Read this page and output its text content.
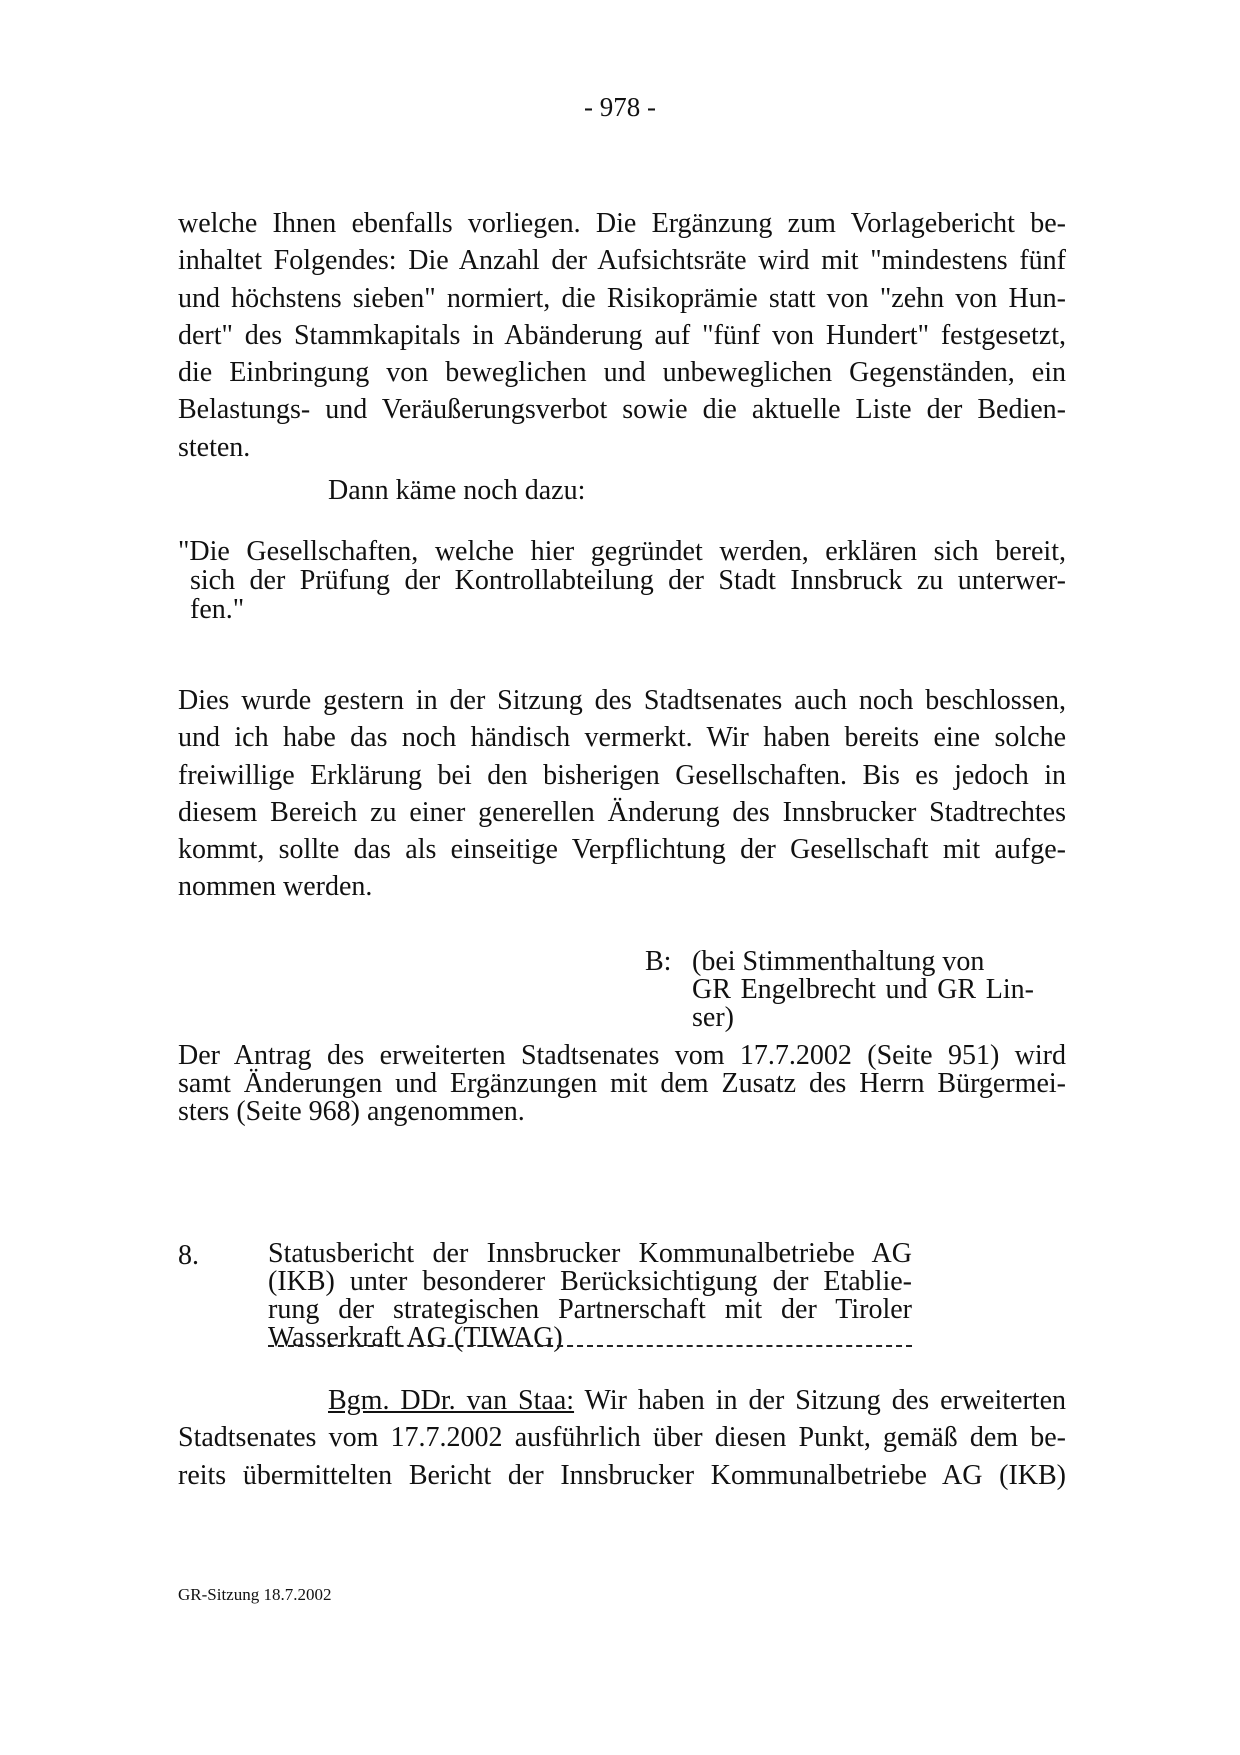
- 978 -
welche Ihnen ebenfalls vorliegen. Die Ergänzung zum Vorlagebericht be-
inhaltet Folgendes: Die Anzahl der Aufsichtsräte wird mit "mindestens fünf
und höchstens sieben" normiert, die Risikoprämie statt von "zehn von Hun-
dert" des Stammkapitals in Abänderung auf "fünf von Hundert" festgesetzt,
die Einbringung von beweglichen und unbeweglichen Gegenständen, ein
Belastungs- und Veräußerungsverbot sowie die aktuelle Liste der Bedien-
steten.
Dann käme noch dazu:
"Die Gesellschaften, welche hier gegründet werden, erklären sich bereit,
sich der Prüfung der Kontrollabteilung der Stadt Innsbruck zu unterwer-
fen."
Dies wurde gestern in der Sitzung des Stadtsenates auch noch beschlossen,
und ich habe das noch händisch vermerkt. Wir haben bereits eine solche
freiwillige Erklärung bei den bisherigen Gesellschaften. Bis es jedoch in
diesem Bereich zu einer generellen Änderung des Innsbrucker Stadtrechtes
kommt, sollte das als einseitige Verpflichtung der Gesellschaft mit aufge-
nommen werden.
B: (bei Stimmenthaltung von
GR Engelbrecht und GR Lin-
ser)
Der Antrag des erweiterten Stadtsenates vom 17.7.2002 (Seite 951) wird
samt Änderungen und Ergänzungen mit dem Zusatz des Herrn Bürgermei-
sters (Seite 968) angenommen.
8. Statusbericht der Innsbrucker Kommunalbetriebe AG
(IKB) unter besonderer Berücksichtigung der Etablie-
rung der strategischen Partnerschaft mit der Tiroler
Wasserkraft AG (TIWAG)
Bgm. DDr. van Staa: Wir haben in der Sitzung des erweiterten
Stadtsenates vom 17.7.2002 ausführlich über diesen Punkt, gemäß dem be-
reits übermittelten Bericht der Innsbrucker Kommunalbetriebe AG (IKB)
GR-Sitzung 18.7.2002
